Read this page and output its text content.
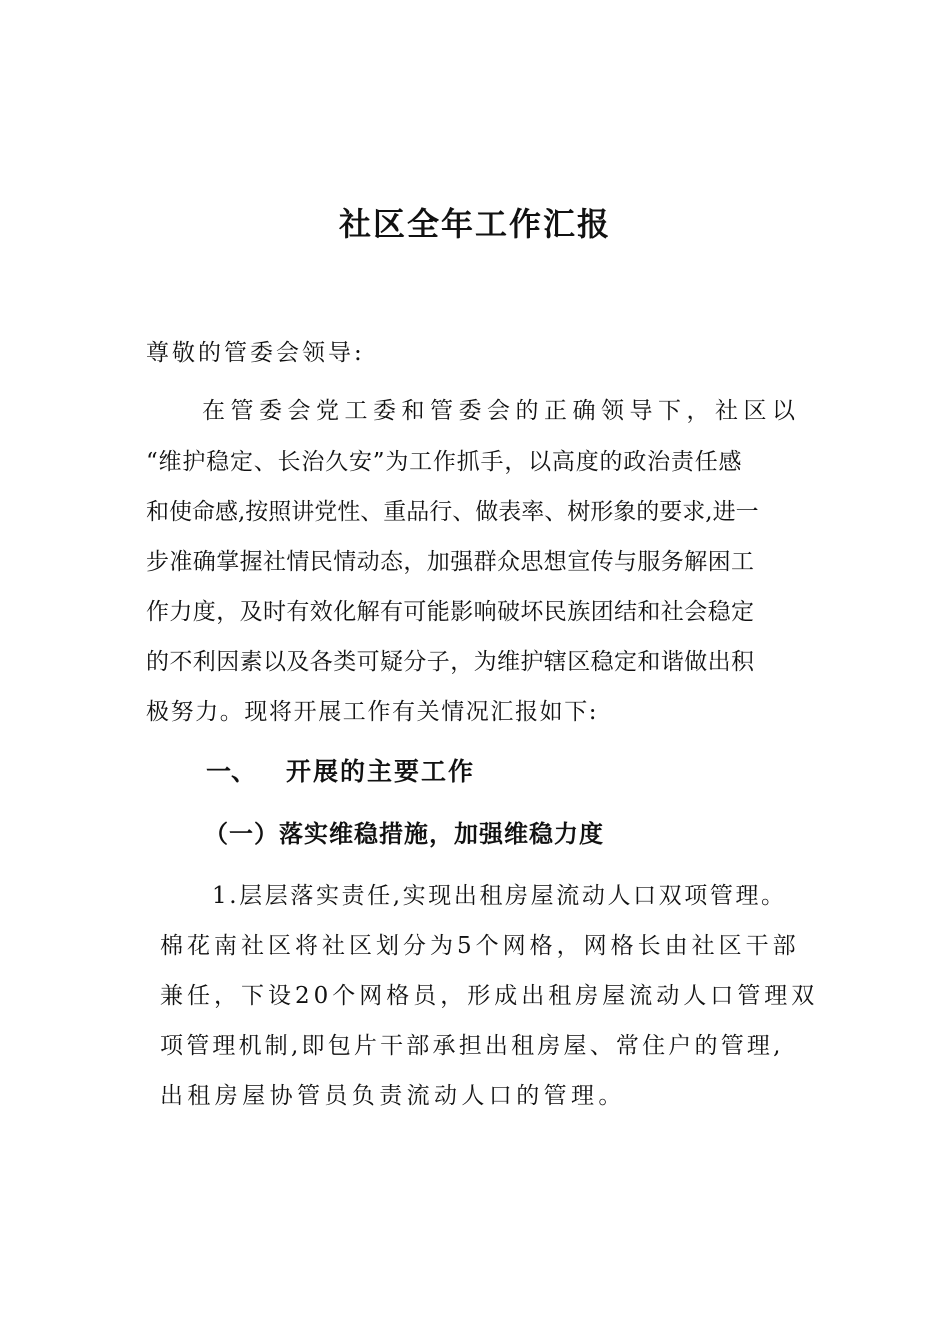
社区全年工作汇报
尊敬的管委会领导:
在管委会党工委和管委会的正确领导下，社区以
“维护稳定、长治久安”为工作抓手，以高度的政治责任感
和使命感,按照讲党性、重品行、做表率、树形象的要求,进一
步准确掌握社情民情动态，加强群众思想宣传与服务解困工
作力度，及时有效化解有可能影响破坏民族团结和社会稳定
的不利因素以及各类可疑分子，为维护辖区稳定和谐做出积
极努力。现将开展工作有关情况汇报如下:
一、 开展的主要工作
（一）落实维稳措施，加强维稳力度
1.层层落实责任,实现出租房屋流动人口双项管理。
棉花南社区将社区划分为5个网格，网格长由社区干部
兼任，下设20个网格员，形成出租房屋流动人口管理双
项管理机制,即包片干部承担出租房屋、常住户的管理,
出租房屋协管员负责流动人口的管理。
